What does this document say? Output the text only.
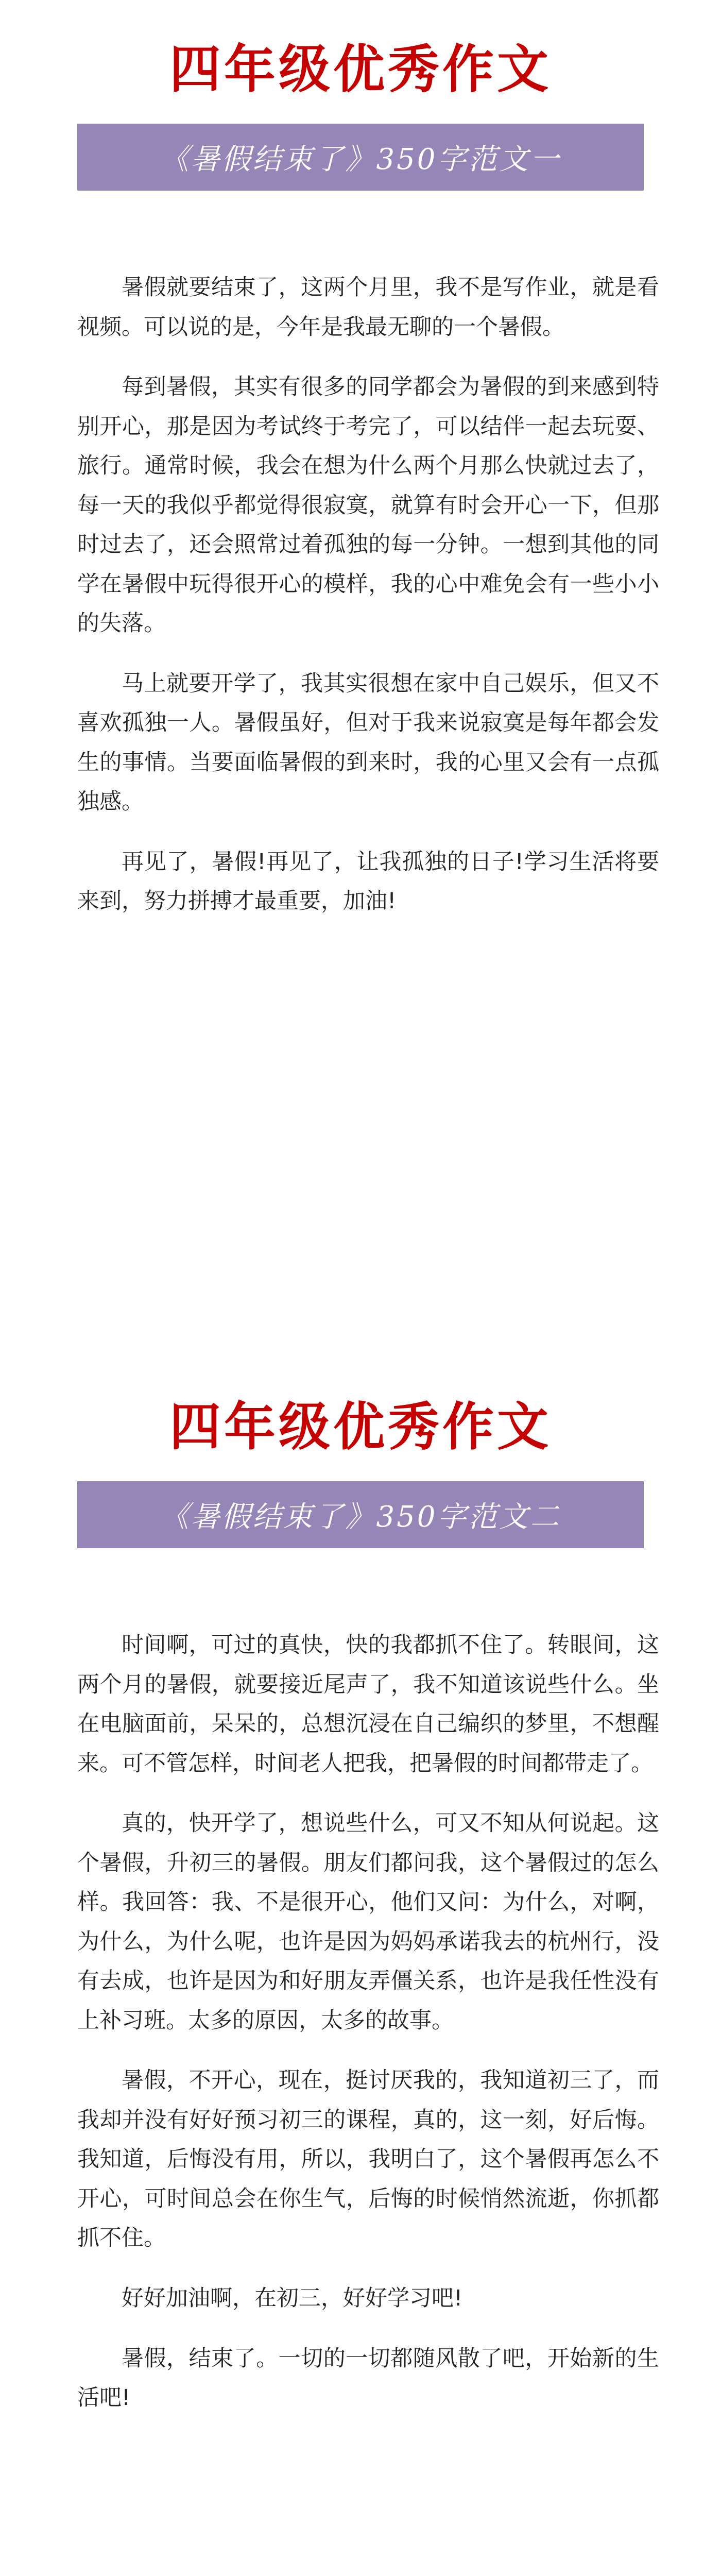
四年级优秀作文
《暑假结束了》350字范文一

暑假就要结束了，这两个月里，我不是写作业，就是看视频。可以说的是，今年是我最无聊的一个暑假。

每到暑假，其实有很多的同学都会为暑假的到来感到特别开心，那是因为考试终于考完了，可以结伴一起去玩耍、旅行。通常时候，我会在想为什么两个月那么快就过去了，每一天的我似乎都觉得很寂寞，就算有时会开心一下，但那时过去了，还会照常过着孤独的每一分钟。一想到其他的同学在暑假中玩得很开心的模样，我的心中难免会有一些小小的失落。

马上就要开学了，我其实很想在家中自己娱乐，但又不喜欢孤独一人。暑假虽好，但对于我来说寂寞是每年都会发生的事情。当要面临暑假的到来时，我的心里又会有一点孤独感。

再见了，暑假!再见了，让我孤独的日子!学习生活将要来到，努力拼搏才最重要，加油!

四年级优秀作文
《暑假结束了》350字范文二

时间啊，可过的真快，快的我都抓不住了。转眼间，这两个月的暑假，就要接近尾声了，我不知道该说些什么。坐在电脑面前，呆呆的，总想沉浸在自己编织的梦里，不想醒来。可不管怎样，时间老人把我，把暑假的时间都带走了。

真的，快开学了，想说些什么，可又不知从何说起。这个暑假，升初三的暑假。朋友们都问我，这个暑假过的怎么样。我回答：我、不是很开心，他们又问：为什么，对啊，为什么，为什么呢，也许是因为妈妈承诺我去的杭州行，没有去成，也许是因为和好朋友弄僵关系，也许是我任性没有上补习班。太多的原因，太多的故事。

暑假，不开心，现在，挺讨厌我的，我知道初三了，而我却并没有好好预习初三的课程，真的，这一刻，好后悔。我知道，后悔没有用，所以，我明白了，这个暑假再怎么不开心，可时间总会在你生气，后悔的时候悄然流逝，你抓都抓不住。

好好加油啊，在初三，好好学习吧!

暑假，结束了。一切的一切都随风散了吧，开始新的生活吧!
